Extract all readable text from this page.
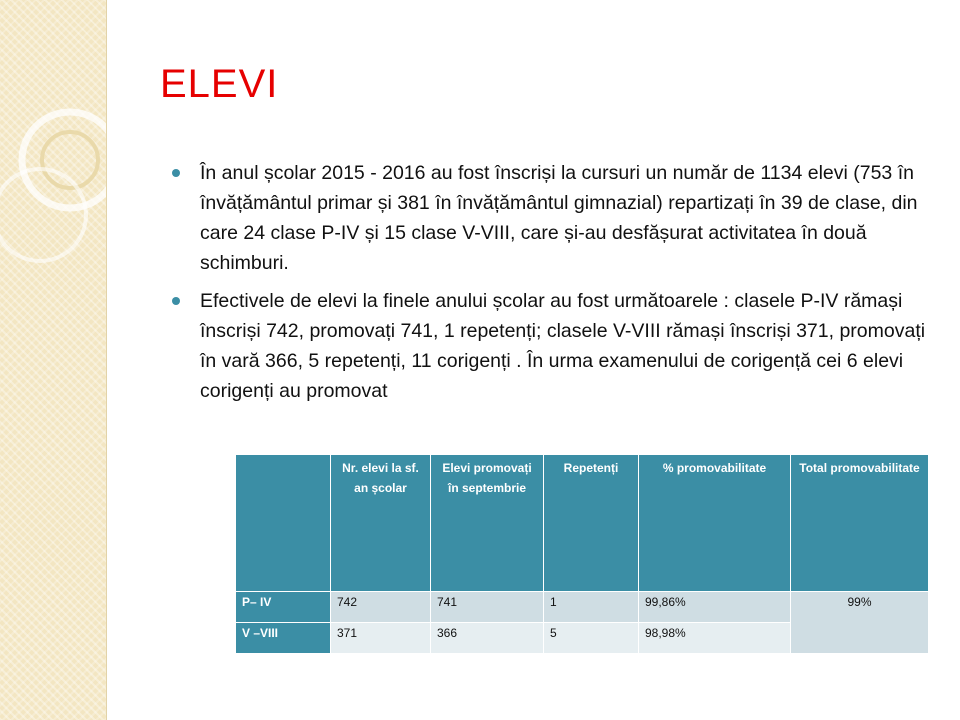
ELEVI
În anul școlar 2015 - 2016 au fost înscriși la cursuri un număr de 1134 elevi (753 în învățământul primar și 381 în învățământul gimnazial) repartizați în 39 de clase, din care 24 clase P-IV și 15 clase V-VIII, care și-au desfășurat activitatea în două schimburi.
Efectivele de elevi la finele anului școlar au fost următoarele : clasele P-IV rămași înscriși 742, promovați 741, 1 repetenți; clasele V-VIII rămași înscriși 371, promovați în vară 366, 5 repetenți, 11 corigenți . În urma examenului de corigență cei 6 elevi corigenți au promovat
	Nr. elevi la sf. an școlar	Elevi promovați în septembrie	Repetenți	% promovabilitate	Total promovabilitate
P– IV	742	741	1	99,86%	99%
V –VIII	371	366	5	98,98%	
